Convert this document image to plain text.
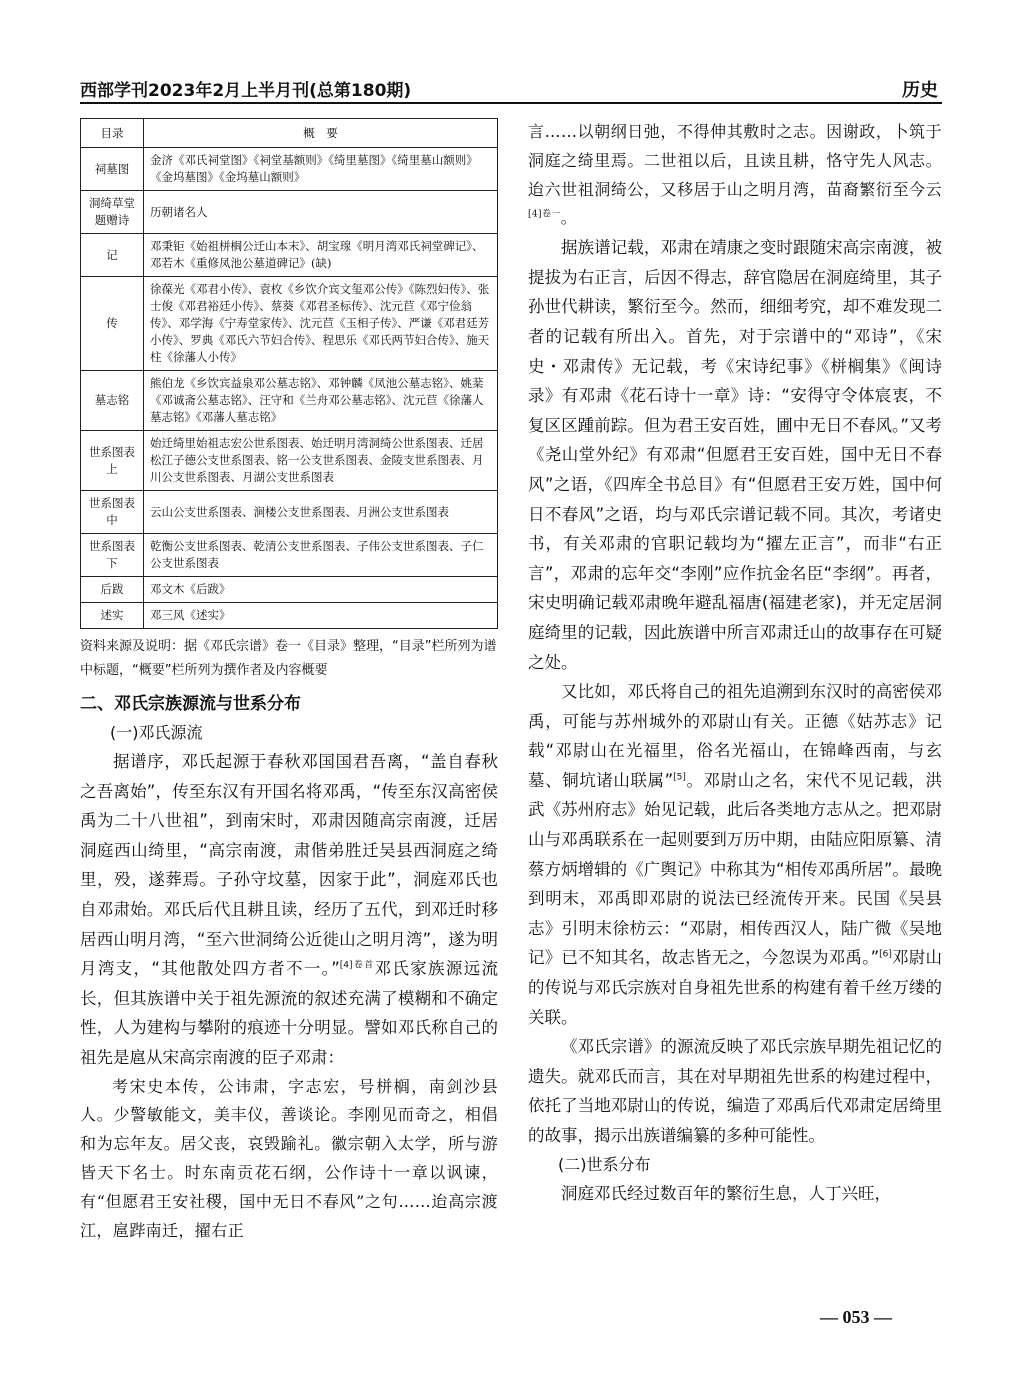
西部学刊2023年2月上半月刊(总第180期)	历史
目录	概　要
祠墓图	金济《邓氏祠堂图》《祠堂基额则》《绮里墓图》《绮里墓山额则》《金坞墓图》《金坞墓山额则》
洞绮草堂题赠诗	历朝诸名人
记	邓秉钜《始祖栟榈公迁山本末》、胡宝瑔《明月湾邓氏祠堂碑记》、邓若木《重修凤池公墓道碑记》(缺)
传	徐葆光《邓君小传》、袁枚《乡饮介宾文玺邓公传》《陈烈妇传》、张士俊《邓君裕廷小传》、蔡葵《邓君圣标传》、沈元苣《邓宁俭翁传》、邓学海《宁寿堂家传》、沈元苣《玉相子传》、严谦《邓君廷芳小传》、罗典《邓氏六节妇合传》、程思乐《邓氏两节妇合传》、施天柱《徐藩人小传》
墓志铭	熊伯龙《乡饮宾益泉邓公墓志铭》、邓钟麟《凤池公墓志铭》、姚棻《邓诚斋公墓志铭》、汪守和《兰舟邓公墓志铭》、沈元苣《徐藩人墓志铭》《邓藩人墓志铭》
世系图表上	始迁绮里始祖志宏公世系图表、始迁明月湾洞绮公世系图表、迁居松江子德公支世系图表、铭一公支世系图表、金陵支世系图表、月川公支世系图表、月湖公支世系图表
世系图表中	云山公支世系图表、涧楼公支世系图表、月洲公支世系图表
世系图表下	乾衡公支世系图表、乾清公支世系图表、子伟公支世系图表、子仁公支世系图表
后跋	邓文木《后跋》
述实	邓三风《述实》
资料来源及说明：据《邓氏宗谱》卷一《目录》整理，“目录”栏所列为谱中标题，“概要”栏所列为撰作者及内容概要
二、邓氏宗族源流与世系分布
(一)邓氏源流

据谱序，邓氏起源于春秋邓国国君吾离，“盖自春秋之吾离始”，传至东汉有开国名将邓禹，“传至东汉高密侯禹为二十八世祖”，到南宋时，邓肃因随高宗南渡，迁居洞庭西山绮里，“高宗南渡，肃偕弟胜迁吴县西洞庭之绮里，殁，遂葬焉。子孙守坟墓，因家于此”，洞庭邓氏也自邓肃始。邓氏后代且耕且读，经历了五代，到邓迁时移居西山明月湾，“至六世洞绮公近徙山之明月湾”，遂为明月湾支，“其他散处四方者不一。”$^{[4]卷首}$邓氏家族源远流长，但其族谱中关于祖先源流的叙述充满了模糊和不确定性，人为建构与攀附的痕迹十分明显。譬如邓氏称自己的祖先是扈从宋高宗南渡的臣子邓肃：

考宋史本传，公讳肃，字志宏，号栟榈，南剑沙县人。少警敏能文，美丰仪，善谈论。李刚见而奇之，相倡和为忘年友。居父丧，哀毁踰礼。徽宗朝入太学，所与游皆天下名士。时东南贡花石纲，公作诗十一章以讽谏，有“但愿君王安社稷，国中无日不春风”之句……迨高宗渡江，扈跸南迁，擢右正

言……以朝纲日弛，不得伸其敷时之志。因谢政，卜筑于洞庭之绮里焉。二世祖以后，且读且耕，恪守先人风志。迨六世祖洞绮公，又移居于山之明月湾，苗裔繁衍至今云$^{[4]卷一}$。

据族谱记载，邓肃在靖康之变时跟随宋高宗南渡，被提拔为右正言，后因不得志，辞官隐居在洞庭绮里，其子孙世代耕读，繁衍至今。然而，细细考究，却不难发现二者的记载有所出入。首先，对于宗谱中的“邓诗”，《宋史・邓肃传》无记载，考《宋诗纪事》《栟榈集》《闽诗录》有邓肃《花石诗十一章》诗：“安得守令体宸衷，不复区区踵前踪。但为君王安百姓，圃中无日不春风。”又考《尧山堂外纪》有邓肃“但愿君王安百姓，国中无日不春风”之语，《四库全书总目》有“但愿君王安万姓，国中何日不春风”之语，均与邓氏宗谱记载不同。其次，考诸史书，有关邓肃的官职记载均为“擢左正言”，而非“右正言”，邓肃的忘年交“李刚”应作抗金名臣“李纲”。再者，宋史明确记载邓肃晚年避乱福唐(福建老家)，并无定居洞庭绮里的记载，因此族谱中所言邓肃迁山的故事存在可疑之处。

又比如，邓氏将自己的祖先追溯到东汉时的高密侯邓禹，可能与苏州城外的邓尉山有关。正德《姑苏志》记载“邓尉山在光福里，俗名光福山，在锦峰西南，与玄墓、铜坑诸山联属”[5]。邓尉山之名，宋代不见记载，洪武《苏州府志》始见记载，此后各类地方志从之。把邓尉山与邓禹联系在一起则要到万历中期，由陆应阳原纂、清蔡方炳增辑的《广舆记》中称其为“相传邓禹所居”。最晚到明末，邓禹即邓尉的说法已经流传开来。民国《吴县志》引明末徐枋云：“邓尉，相传西汉人，陆广微《吴地记》已不知其名，故志皆无之，今忽误为邓禹。”[6]邓尉山的传说与邓氏宗族对自身祖先世系的构建有着千丝万缕的关联。

《邓氏宗谱》的源流反映了邓氏宗族早期先祖记忆的遗失。就邓氏而言，其在对早期祖先世系的构建过程中，依托了当地邓尉山的传说，编造了邓禹后代邓肃定居绮里的故事，揭示出族谱编纂的多种可能性。

(二)世系分布

洞庭邓氏经过数百年的繁衍生息，人丁兴旺，

— 053 —
